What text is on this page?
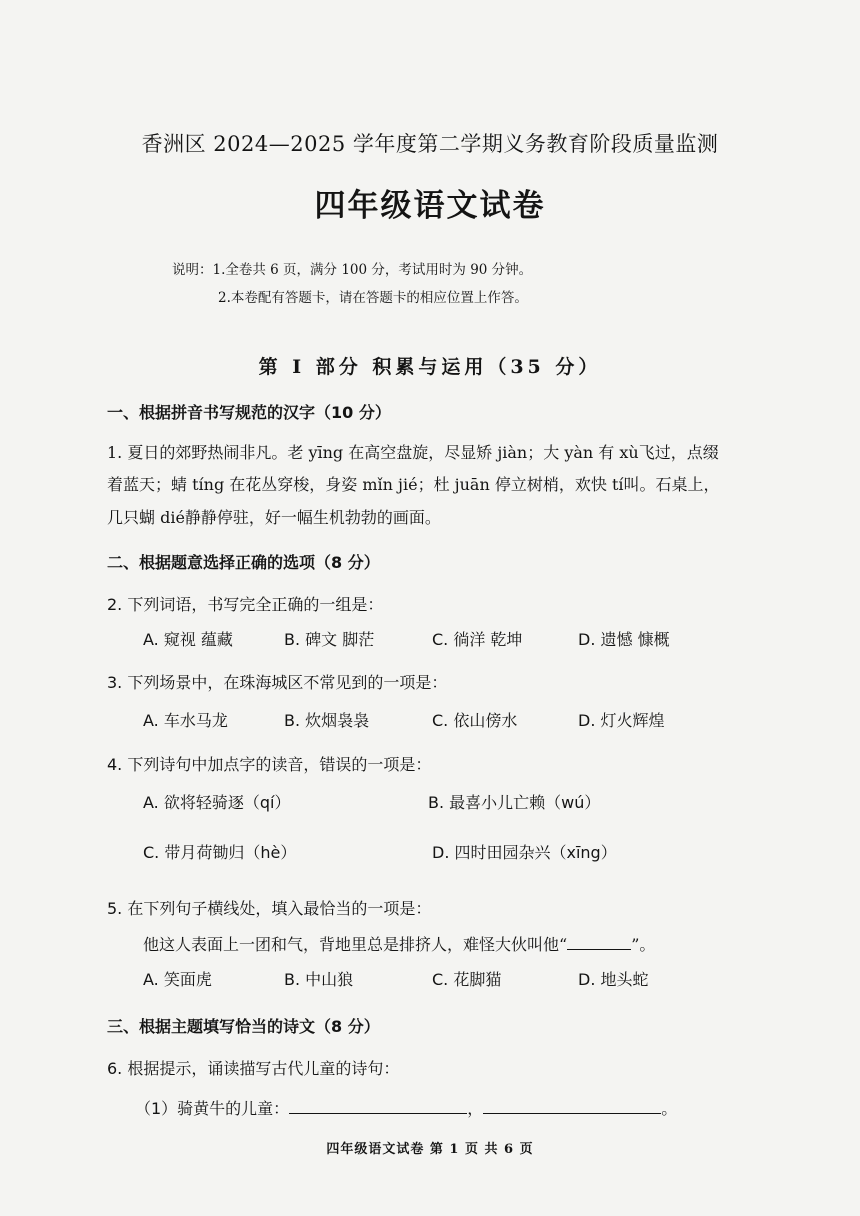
香洲区 2024—2025 学年度第二学期义务教育阶段质量监测
四年级语文试卷
说明：1.全卷共 6 页，满分 100 分，考试用时为 90 分钟。
2.本卷配有答题卡，请在答题卡的相应位置上作答。
第 Ⅰ 部分 积累与运用（35 分）
一、根据拼音书写规范的汉字（10 分）
1. 夏日的郊野热闹非凡。老 yīng 在高空盘旋，尽显矫 jiàn；大 yàn 有 xù飞过，点缀
着蓝天；蜻 tíng 在花丛穿梭，身姿 mǐn jié；杜 juān 停立树梢，欢快 tí叫。石桌上，
几只蝴 dié静静停驻，好一幅生机勃勃的画面。
二、根据题意选择正确的选项（8 分）
2. 下列词语，书写完全正确的一组是：
A. 窥视 蕴藏	B. 碑文 脚茫	C. 徜洋 乾坤	D. 遗憾 慷概
3. 下列场景中，在珠海城区不常见到的一项是：
A. 车水马龙	B. 炊烟袅袅	C. 依山傍水	D. 灯火辉煌
4. 下列诗句中加点字的读音，错误的一项是：
A. 欲将轻骑逐（qí）	B. 最喜小儿亡赖（wú）
C. 带月荷锄归（hè）	D. 四时田园杂兴（xīng）
5. 在下列句子横线处，填入最恰当的一项是：
他这人表面上一团和气，背地里总是排挤人，难怪大伙叫他“	”。
A. 笑面虎	B. 中山狼	C. 花脚猫	D. 地头蛇
三、根据主题填写恰当的诗文（8 分）
6. 根据提示，诵读描写古代儿童的诗句：
（1）骑黄牛的儿童：	，	。
四年级语文试卷 第 1 页 共 6 页
